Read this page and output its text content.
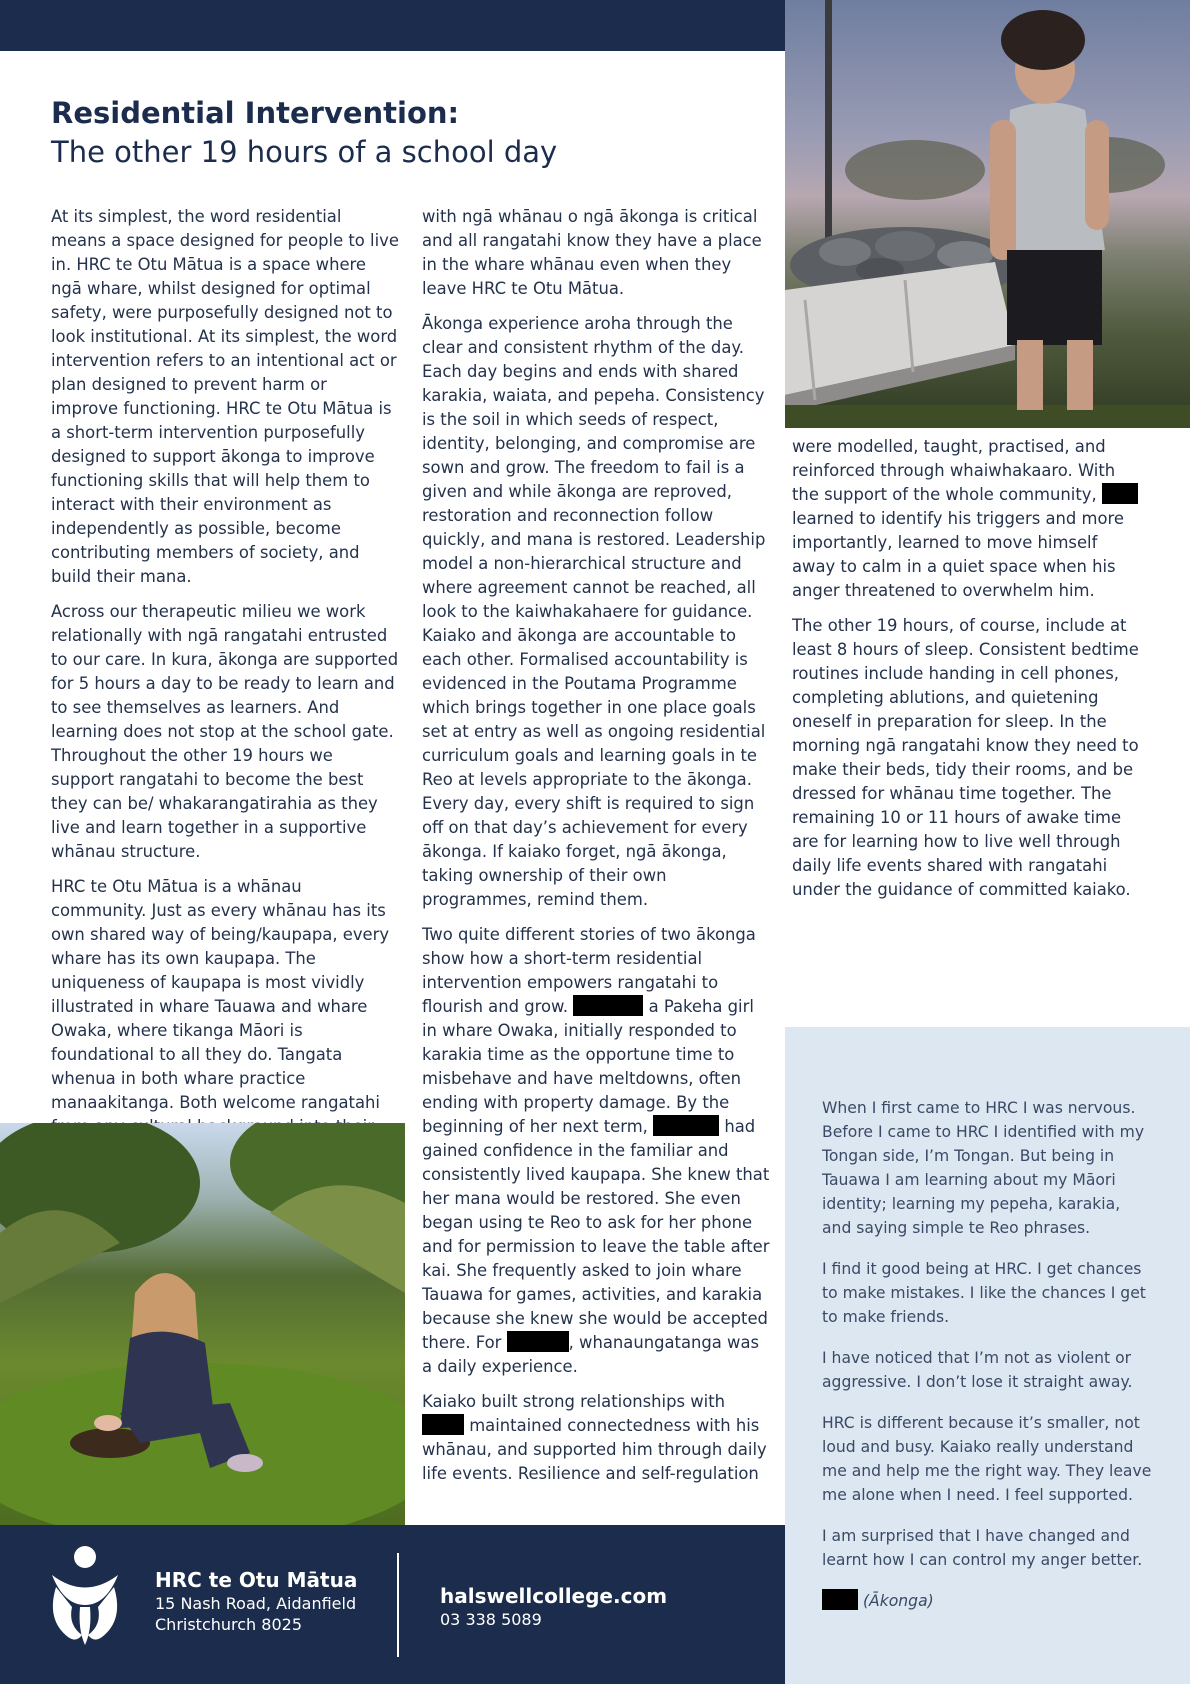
Residential Intervention:
The other 19 hours of a school day

At its simplest, the word residential means a space designed for people to live in. HRC te Otu Mātua is a space where ngā whare, whilst designed for optimal safety, were purposefully designed not to look institutional. At its simplest, the word intervention refers to an intentional act or plan designed to prevent harm or improve functioning. HRC te Otu Mātua is a short-term intervention purposefully designed to support ākonga to improve functioning skills that will help them to interact with their environment as independently as possible, become contributing members of society, and build their mana.

Across our therapeutic milieu we work relationally with ngā rangatahi entrusted to our care. In kura, ākonga are supported for 5 hours a day to be ready to learn and to see themselves as learners. And learning does not stop at the school gate. Throughout the other 19 hours we support rangatahi to become the best they can be/ whakarangatirahia as they live and learn together in a supportive whānau structure.

HRC te Otu Mātua is a whānau community. Just as every whānau has its own shared way of being/kaupapa, every whare has its own kaupapa. The uniqueness of kaupapa is most vividly illustrated in whare Tauawa and whare Owaka, where tikanga Māori is foundational to all they do. Tangata whenua in both whare practice manaakitanga. Both welcome rangatahi

with ngā whānau o ngā ākonga is critical and all rangatahi know they have a place in the whare whānau even when they leave HRC te Otu Mātua.

Ākonga experience aroha through the clear and consistent rhythm of the day. Each day begins and ends with shared karakia, waiata, and pepeha. Consistency is the soil in which seeds of respect, identity, belonging, and compromise are sown and grow. The freedom to fail is a given and while ākonga are reproved, restoration and reconnection follow quickly, and mana is restored. Leadership model a non-hierarchical structure and where agreement cannot be reached, all look to the kaiwhakahaere for guidance. Kaiako and ākonga are accountable to each other. Formalised accountability is evidenced in the Poutama Programme which brings together in one place goals set at entry as well as ongoing residential curriculum goals and learning goals in te Reo at levels appropriate to the ākonga. Every day, every shift is required to sign off on that day’s achievement for every ākonga. If kaiako forget, ngā ākonga, taking ownership of their own programmes, remind them.

Two quite different stories of two ākonga show how a short-term residential intervention empowers rangatahi to flourish and grow.	a Pakeha girl in whare Owaka, initially responded to karakia time as the opportune time to misbehave and have meltdowns, often ending with property damage. By the beginning of her next term,	had gained confidence in the familiar and consistently lived kaupapa. She knew that her mana would be restored. She even began using te Reo to ask for her phone and for permission to leave the table after kai. She frequently asked to join whare Tauawa for games, activities, and karakia because she knew she would be accepted there. For	, whanaungatanga was a daily experience.

Kaiako built strong relationships with  maintained connectedness with his whānau, and supported him through daily life events. Resilience and self-regulation

were modelled, taught, practised, and reinforced through whaiwhakaaro. With the support of the whole community,  learned to identify his triggers and more importantly, learned to move himself away to calm in a quiet space when his anger threatened to overwhelm him.

The other 19 hours, of course, include at least 8 hours of sleep. Consistent bedtime routines include handing in cell phones, completing ablutions, and quietening oneself in preparation for sleep. In the morning ngā rangatahi know they need to make their beds, tidy their rooms, and be dressed for whānau time together. The remaining 10 or 11 hours of awake time are for learning how to live well through daily life events shared with rangatahi under the guidance of committed kaiako.

When I first came to HRC I was nervous. Before I came to HRC I identified with my Tongan side, I’m Tongan. But being in Tauawa I am learning about my Māori identity; learning my pepeha, karakia, and saying simple te Reo phrases.

I find it good being at HRC. I get chances to make mistakes. I like the chances I get to make friends.

I have noticed that I’m not as violent or aggressive. I don’t lose it straight away.

HRC is different because it’s smaller, not loud and busy. Kaiako really understand me and help me the right way. They leave me alone when I need. I feel supported.

I am surprised that I have changed and learnt how I can control my anger better.

(Ākonga)

HRC te Otu Mātua
15 Nash Road, Aidanfield
Christchurch 8025
halswellcollege.com
03 338 5089
